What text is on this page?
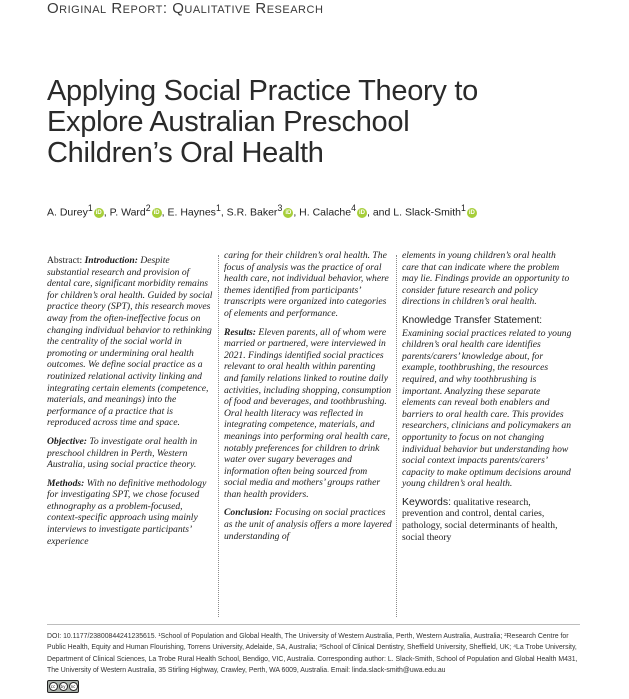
Original Report: Qualitative Research
Applying Social Practice Theory to Explore Australian Preschool Children’s Oral Health
A. Durey$^1$ iD , P. Ward$^2$ iD , E. Haynes$^1$, S.R. Baker$^3$ iD , H. Calache$^4$ iD , and L. Slack-Smith$^1$ iD

Abstract: Introduction: Despite substantial research and provision of dental care, significant morbidity remains for children’s oral health. Guided by social practice theory (SPT), this research moves away from the often-ineffective focus on changing individual behavior to rethinking the centrality of the social world in promoting or undermining oral health outcomes. We define social practice as a routinized relational activity linking and integrating certain elements (competence, materials, and meanings) into the performance of a practice that is reproduced across time and space.

Objective: To investigate oral health in preschool children in Perth, Western Australia, using social practice theory.

Methods: With no definitive methodology for investigating SPT, we chose focused ethnography as a problem-focused, context-specific approach using mainly interviews to investigate participants’ experience

caring for their children’s oral health. The focus of analysis was the practice of oral health care, not individual behavior, where themes identified from participants’ transcripts were organized into categories of elements and performance.

Results: Eleven parents, all of whom were married or partnered, were interviewed in 2021. Findings identified social practices relevant to oral health within parenting and family relations linked to routine daily activities, including shopping, consumption of food and beverages, and toothbrushing. Oral health literacy was reflected in integrating competence, materials, and meanings into performing oral health care, notably preferences for children to drink water over sugary beverages and information often being sourced from social media and mothers’ groups rather than health providers.

Conclusion: Focusing on social practices as the unit of analysis offers a more layered understanding of

elements in young children’s oral health care that can indicate where the problem may lie. Findings provide an opportunity to consider future research and policy directions in children’s oral health.

Knowledge Transfer Statement:

Examining social practices related to young children’s oral health care identifies parents/carers’ knowledge about, for example, toothbrushing, the resources required, and why toothbrushing is important. Analyzing these separate elements can reveal both enablers and barriers to oral health care. This provides researchers, clinicians and policymakers an opportunity to focus on not changing individual behavior but understanding how social context impacts parents/carers’ capacity to make optimum decisions around young children’s oral health.

Keywords: qualitative research, prevention and control, dental caries, pathology, social determinants of health, social theory

DOI: 10.1177/23800844241235615. ¹School of Population and Global Health, The University of Western Australia, Perth, Western Australia, Australia; ²Research Centre for
Public Health, Equity and Human Flourishing, Torrens University, Adelaide, SA, Australia; ³School of Clinical Dentistry, Sheffield University, Sheffield, UK; ⁴La Trobe University,
Department of Clinical Sciences, La Trobe Rural Health School, Bendigo, VIC, Australia. Corresponding author: L. Slack-Smith, School of Population and Global Health M431,
The University of Western Australia, 35 Stirling Highway, Crawley, Perth, WA 6009, Australia. Email: linda.slack-smith@uwa.edu.au
cc	by	nc
